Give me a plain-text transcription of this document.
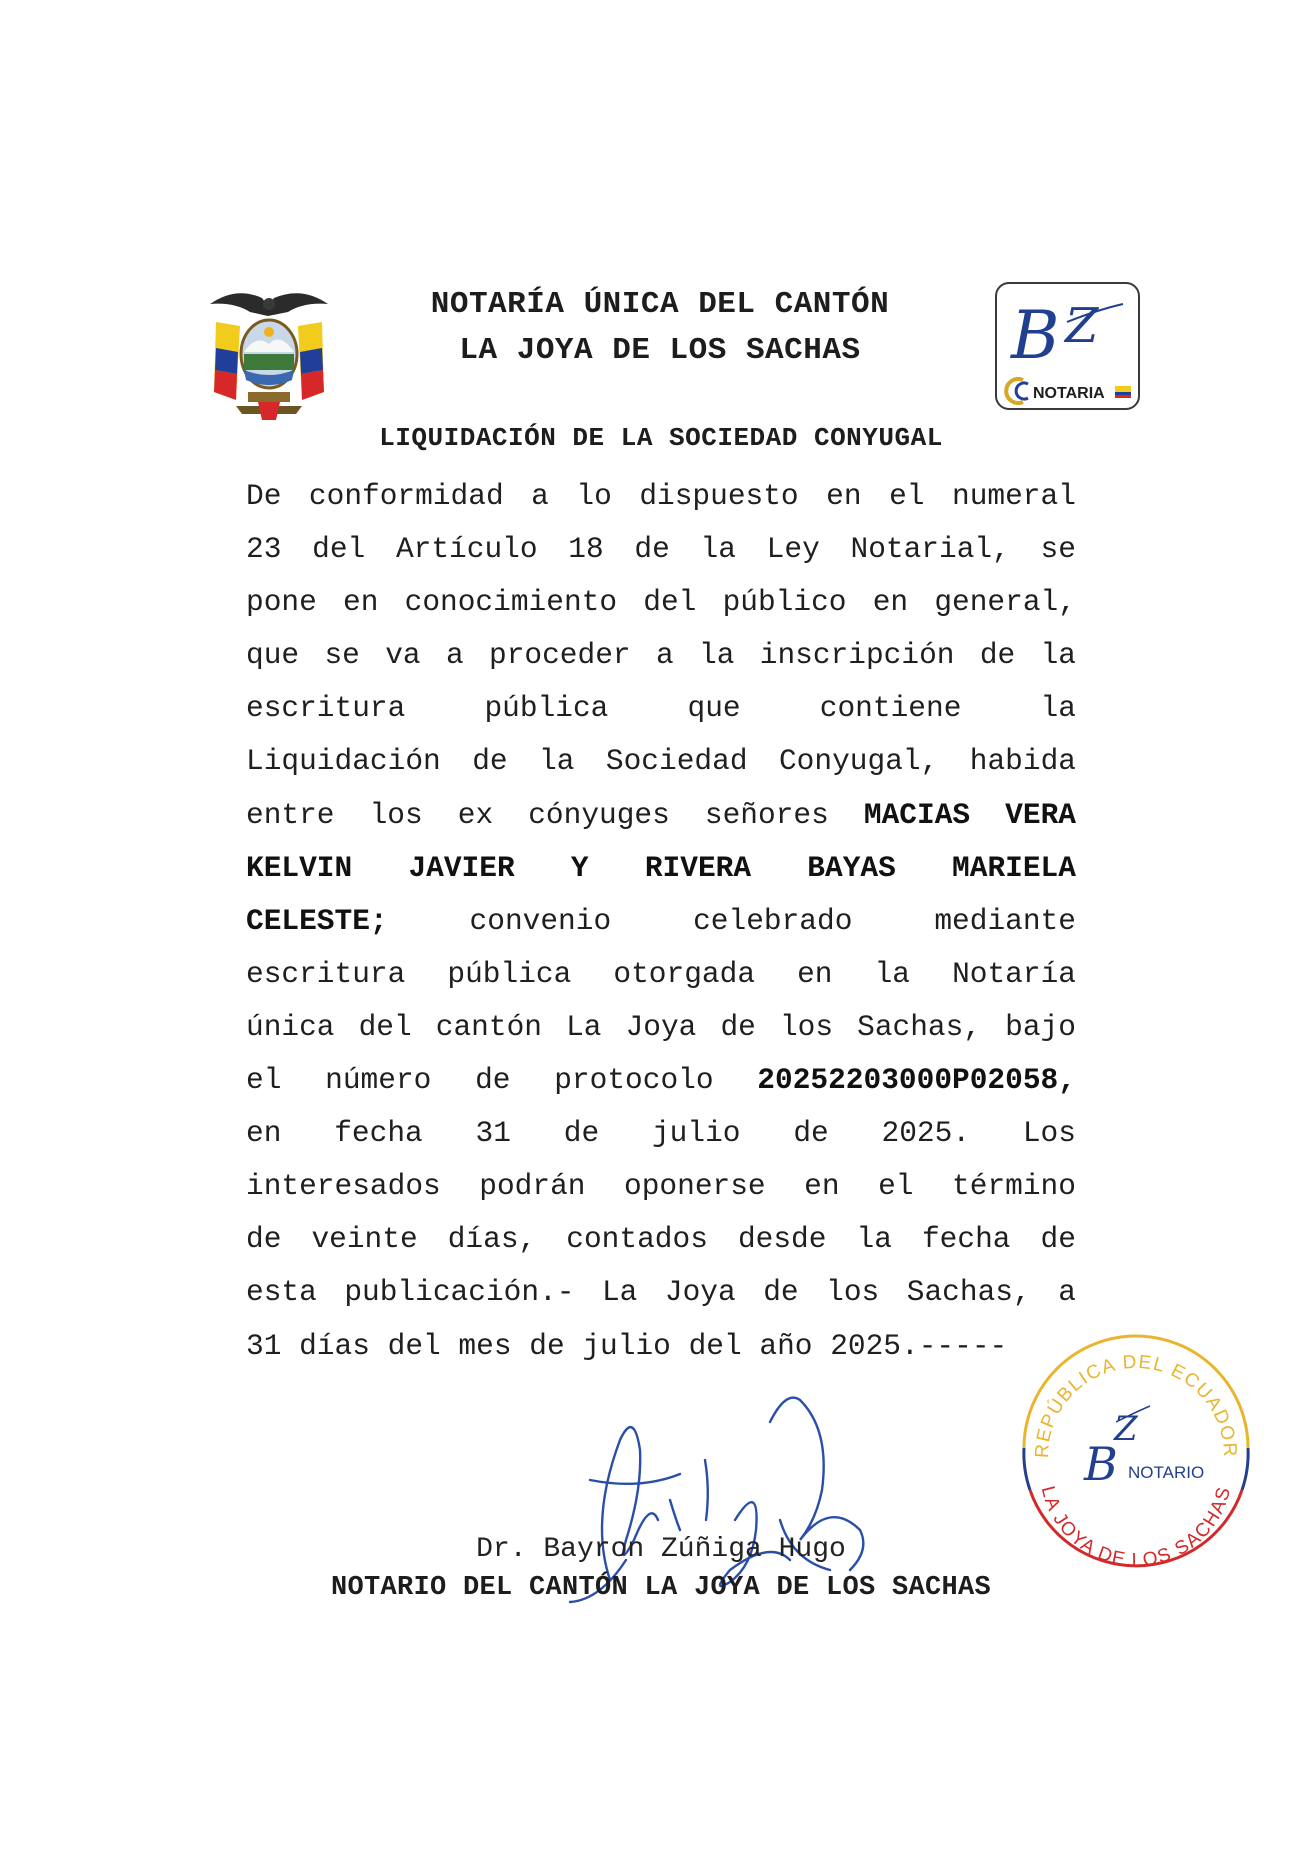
NOTARÍA ÚNICA DEL CANTÓN
LA JOYA DE LOS SACHAS	B Z
NOTARIA
LIQUIDACIÓN DE LA SOCIEDAD CONYUGAL
De conformidad a lo dispuesto en el numeral
23 del Artículo 18 de la Ley Notarial, se
pone en conocimiento del público en general,
que se va a proceder a la inscripción de la
escritura	pública	que	contiene	la
Liquidación de la Sociedad Conyugal, habida
entre los ex cónyuges señores MACIAS VERA
KELVIN JAVIER Y RIVERA BAYAS MARIELA
CELESTE;	convenio	celebrado	mediante
escritura pública otorgada en la Notaría
única del cantón La Joya de los Sachas, bajo
el número de protocolo 20252203000P02058,
en fecha 31 de julio de 2025. Los
interesados podrán oponerse en el término
de veinte días, contados desde la fecha de
esta publicación.- La Joya de los Sachas, a
31 días del mes de julio del año 2025.-----
Dr. Bayron Zúñiga Hugo
NOTARIO DEL CANTÓN LA JOYA DE LOS SACHAS
REPÚBLICA DEL ECUADOR
LA JOYA DE LOS SACHAS
B
Z
NOTARIO
